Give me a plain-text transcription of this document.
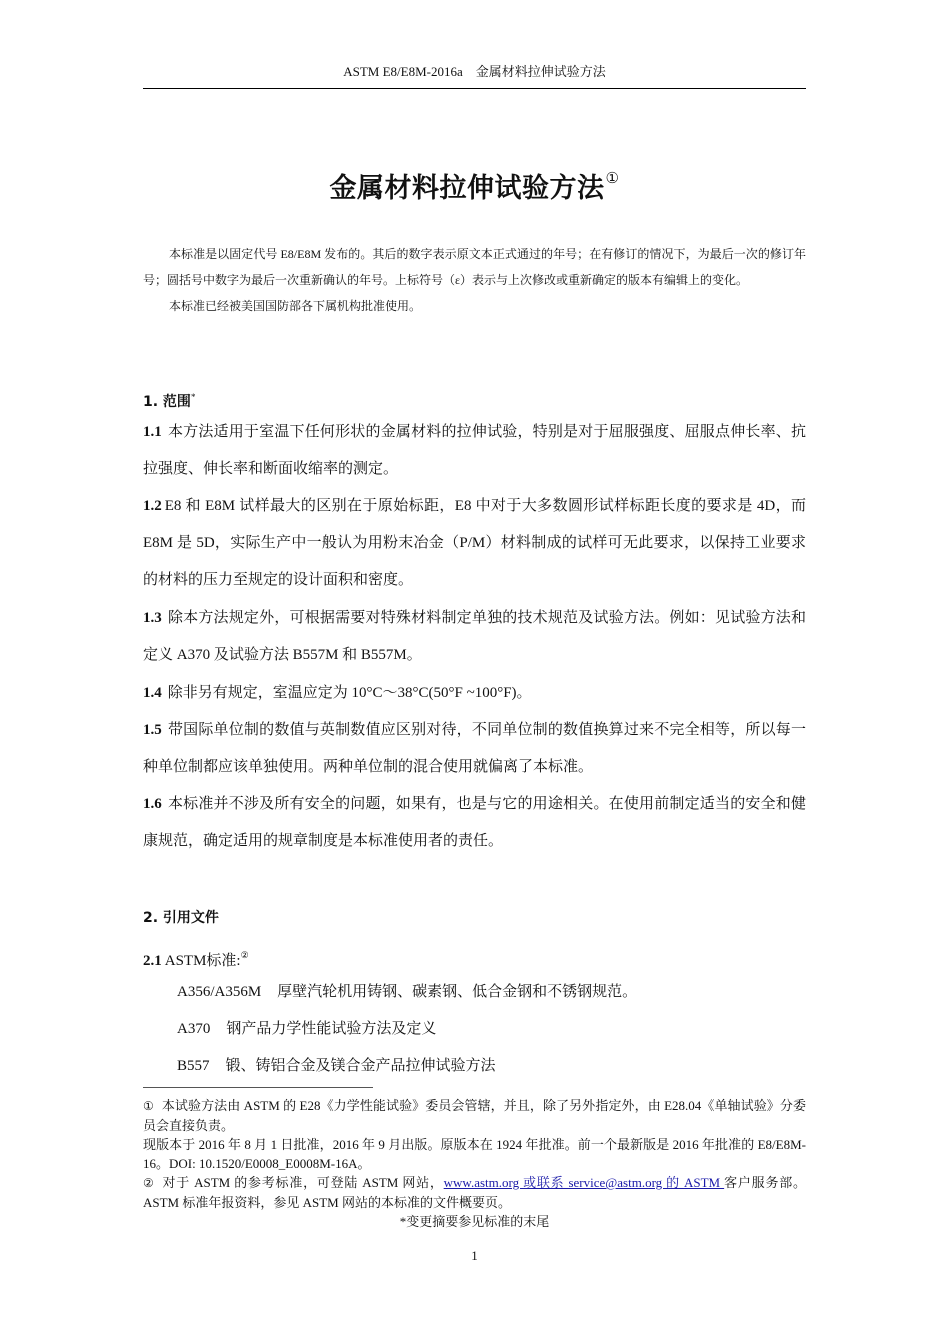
ASTM E8/E8M-2016a　金属材料拉伸试验方法
金属材料拉伸试验方法①

本标准是以固定代号 E8/E8M 发布的。其后的数字表示原文本正式通过的年号；在有修订的情况下，为最后一次的修订年号；圆括号中数字为最后一次重新确认的年号。上标符号（ε）表示与上次修改或重新确定的版本有编辑上的变化。

本标准已经被美国国防部各下属机构批准使用。

1. 范围*
1.1 本方法适用于室温下任何形状的金属材料的拉伸试验，特别是对于屈服强度、屈服点伸长率、抗拉强度、伸长率和断面收缩率的测定。
1.2 E8 和 E8M 试样最大的区别在于原始标距，E8 中对于大多数圆形试样标距长度的要求是 4D，而 E8M 是 5D，实际生产中一般认为用粉末冶金（P/M）材料制成的试样可无此要求，以保持工业要求的材料的压力至规定的设计面积和密度。
1.3 除本方法规定外，可根据需要对特殊材料制定单独的技术规范及试验方法。例如：见试验方法和定义 A370 及试验方法 B557M 和 B557M。
1.4 除非另有规定，室温应定为 10°C～38°C(50°F ~100°F)。
1.5 带国际单位制的数值与英制数值应区别对待，不同单位制的数值换算过来不完全相等，所以每一种单位制都应该单独使用。两种单位制的混合使用就偏离了本标准。
1.6 本标准并不涉及所有安全的问题，如果有，也是与它的用途相关。在使用前制定适当的安全和健康规范，确定适用的规章制度是本标准使用者的责任。
2. 引用文件
2.1 ASTM标准:②
A356/A356M 厚壁汽轮机用铸钢、碳素钢、低合金钢和不锈钢规范。
A370 钢产品力学性能试验方法及定义
B557 锻、铸铝合金及镁合金产品拉伸试验方法

① 本试验方法由 ASTM 的 E28《力学性能试验》委员会管辖，并且，除了另外指定外，由 E28.04《单轴试验》分委员会直接负责。

现版本于 2016 年 8 月 1 日批准，2016 年 9 月出版。原版本在 1924 年批准。前一个最新版是 2016 年批准的 E8/E8M-16。DOI: 10.1520/E0008_E0008M-16A。

② 对于 ASTM 的参考标准，可登陆 ASTM 网站，www.astm.org 或联系 service@astm.org 的 ASTM 客户服务部。ASTM 标准年报资料，参见 ASTM 网站的本标准的文件概要页。

*变更摘要参见标准的末尾

1
